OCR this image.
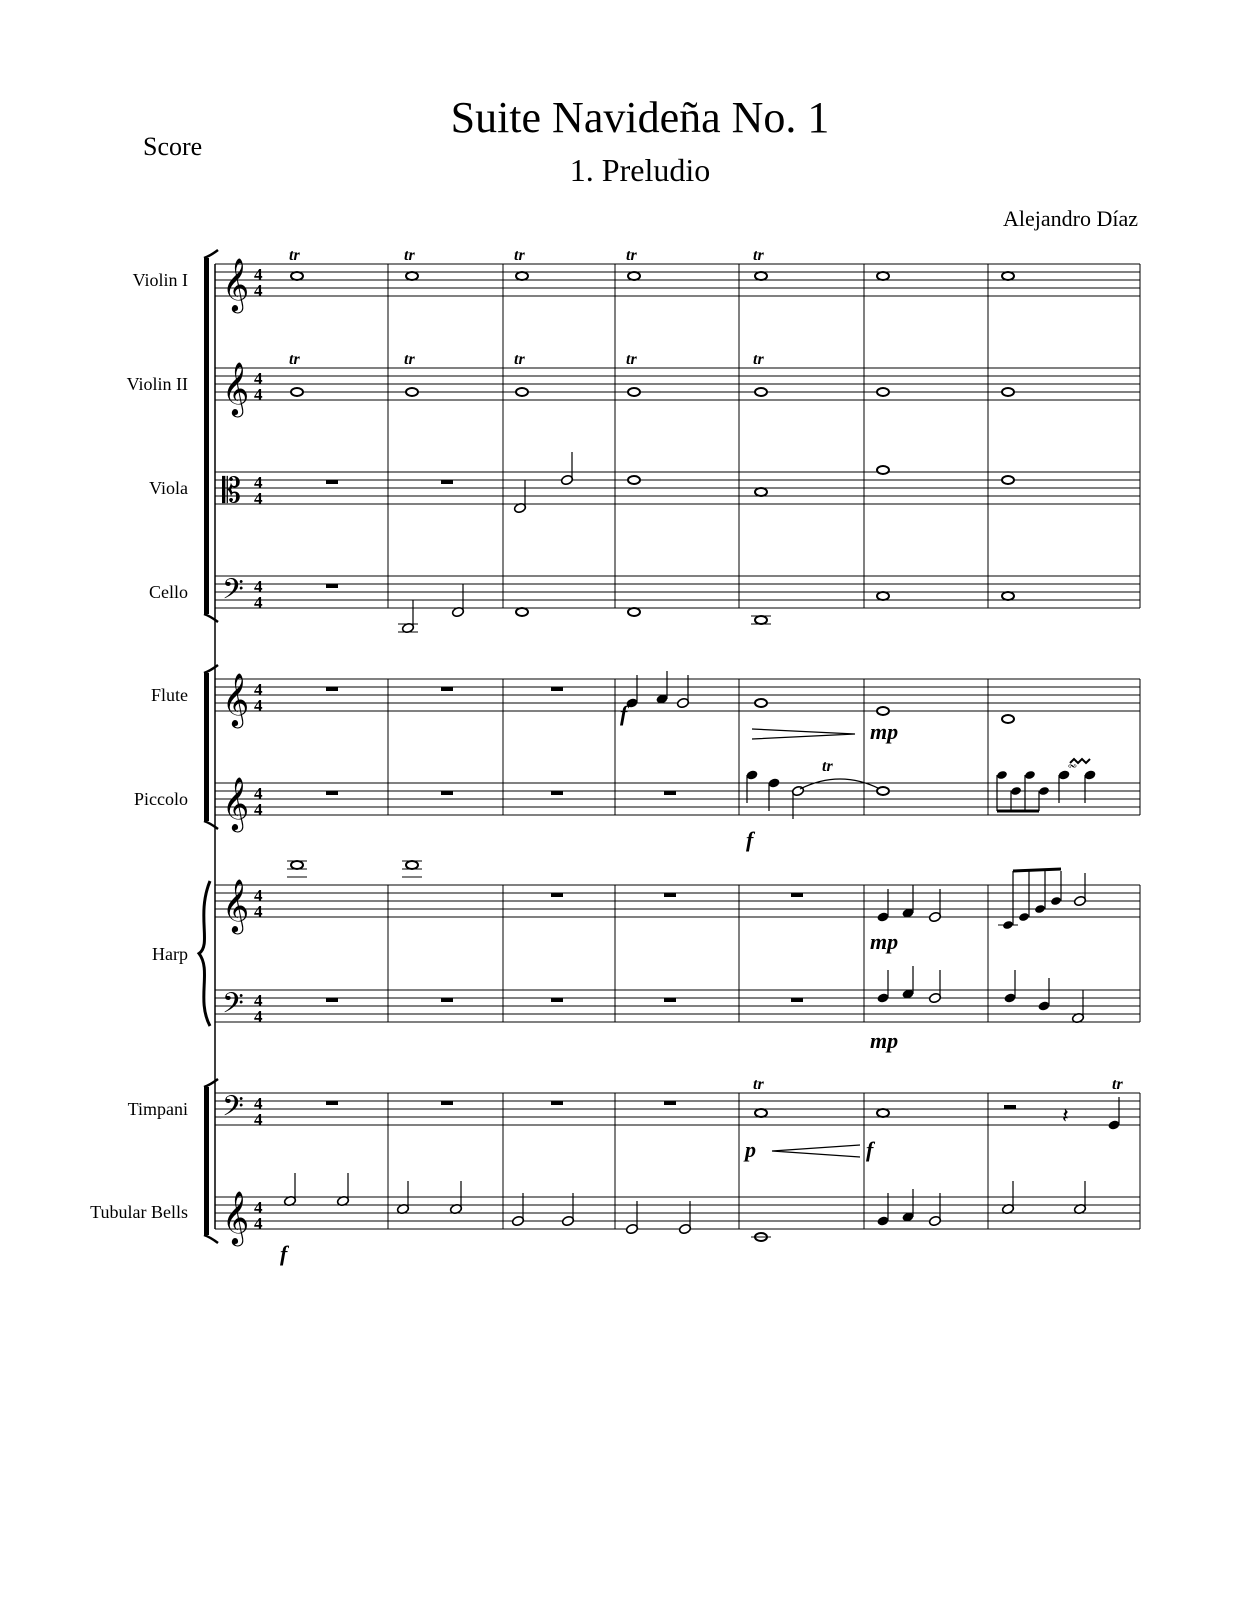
Score
Suite Navideña No. 1
1. Preludio
Alejandro Díaz
Violin I
Violin II
Viola
Cello
Flute
Piccolo
Harp
Timpani
Tubular Bells
𝄞 4
4
𝄞 4
4
𝄡 4
4
𝄢 4
4
𝄞 4
4
𝄞 4
4
𝄞 4
4
𝄢 4
4
𝄢 4
4
𝄞 4
4
tr	tr	tr	tr	tr
tr	tr	tr	tr	tr
f
mp
tr
f
𝆗
mp
mp
tr
p	f
𝄽
tr
f
